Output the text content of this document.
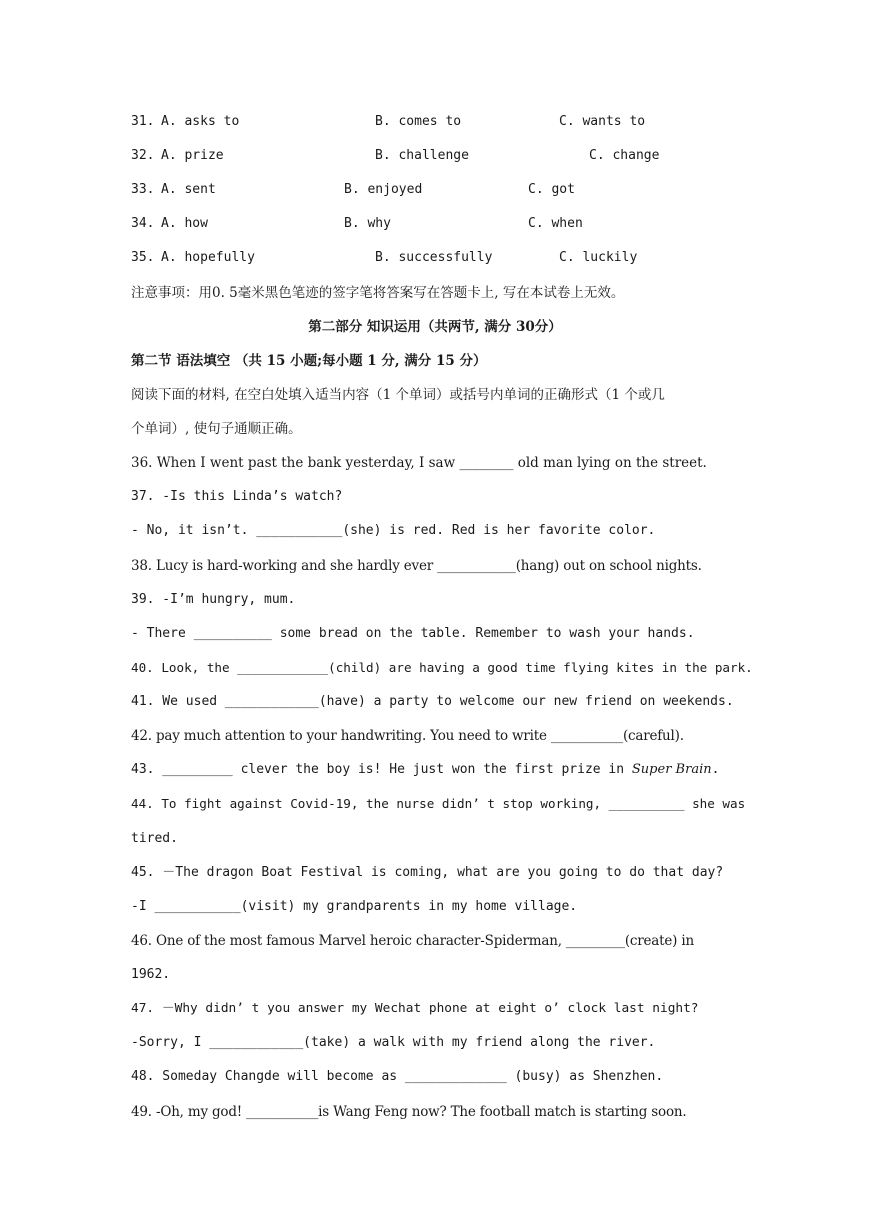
31. A. asks to	B. comes to	C. wants to
32. A. prize	B. challenge	C. change
33. A. sent	B. enjoyed	C. got
34. A. how	B. why	C. when
35. A. hopefully	B. successfully	C. luckily
注意事项：用0. 5毫米黑色笔迹的签字笔将答案写在答题卡上, 写在本试卷上无效。
第二部分 知识运用（共两节, 满分 30分）
第二节 语法填空 （共 15 小题;每小题 1 分, 满分 15 分）
阅读下面的材料, 在空白处填入适当内容（1 个单词）或括号内单词的正确形式（1 个或几
个单词）, 使句子通顺正确。
36. When I went past the bank yesterday, I saw ________ old man lying on the street.
37. -Is this Linda’s watch?
- No, it isn’t. ___________(she) is red. Red is her favorite color.
38. Lucy is hard-working and she hardly ever ____________(hang) out on school nights.
39. -I’m hungry, mum.
- There __________ some bread on the table. Remember to wash your hands.
40. Look, the ____________(child) are having a good time flying kites in the park.
41. We used ____________(have) a party to welcome our new friend on weekends.
42. pay much attention to your handwriting. You need to write ___________(careful).
43. _________ clever the boy is! He just won the first prize in Super Brain.
44. To fight against Covid-19, the nurse didn’ t stop working, __________ she was
tired.
45. －The dragon Boat Festival is coming, what are you going to do that day?
-I ___________(visit) my grandparents in my home village.
46. One of the most famous Marvel heroic character-Spiderman, _________(create) in
1962.
47. －Why didn’ t you answer my Wechat phone at eight o’ clock last night?
-Sorry, I ____________(take) a walk with my friend along the river.
48. Someday Changde will become as _____________ (busy) as Shenzhen.
49. -Oh, my god! ___________is Wang Feng now? The football match is starting soon.
